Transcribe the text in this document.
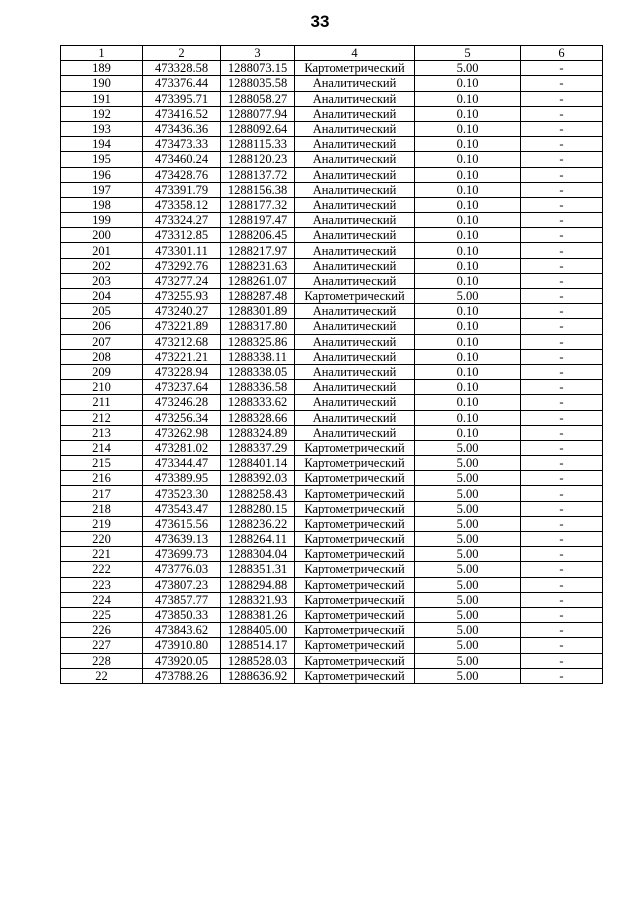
33
1	2	3	4	5	6
189	473328.58	1288073.15	Картометрический	5.00	-
190	473376.44	1288035.58	Аналитический	0.10	-
191	473395.71	1288058.27	Аналитический	0.10	-
192	473416.52	1288077.94	Аналитический	0.10	-
193	473436.36	1288092.64	Аналитический	0.10	-
194	473473.33	1288115.33	Аналитический	0.10	-
195	473460.24	1288120.23	Аналитический	0.10	-
196	473428.76	1288137.72	Аналитический	0.10	-
197	473391.79	1288156.38	Аналитический	0.10	-
198	473358.12	1288177.32	Аналитический	0.10	-
199	473324.27	1288197.47	Аналитический	0.10	-
200	473312.85	1288206.45	Аналитический	0.10	-
201	473301.11	1288217.97	Аналитический	0.10	-
202	473292.76	1288231.63	Аналитический	0.10	-
203	473277.24	1288261.07	Аналитический	0.10	-
204	473255.93	1288287.48	Картометрический	5.00	-
205	473240.27	1288301.89	Аналитический	0.10	-
206	473221.89	1288317.80	Аналитический	0.10	-
207	473212.68	1288325.86	Аналитический	0.10	-
208	473221.21	1288338.11	Аналитический	0.10	-
209	473228.94	1288338.05	Аналитический	0.10	-
210	473237.64	1288336.58	Аналитический	0.10	-
211	473246.28	1288333.62	Аналитический	0.10	-
212	473256.34	1288328.66	Аналитический	0.10	-
213	473262.98	1288324.89	Аналитический	0.10	-
214	473281.02	1288337.29	Картометрический	5.00	-
215	473344.47	1288401.14	Картометрический	5.00	-
216	473389.95	1288392.03	Картометрический	5.00	-
217	473523.30	1288258.43	Картометрический	5.00	-
218	473543.47	1288280.15	Картометрический	5.00	-
219	473615.56	1288236.22	Картометрический	5.00	-
220	473639.13	1288264.11	Картометрический	5.00	-
221	473699.73	1288304.04	Картометрический	5.00	-
222	473776.03	1288351.31	Картометрический	5.00	-
223	473807.23	1288294.88	Картометрический	5.00	-
224	473857.77	1288321.93	Картометрический	5.00	-
225	473850.33	1288381.26	Картометрический	5.00	-
226	473843.62	1288405.00	Картометрический	5.00	-
227	473910.80	1288514.17	Картометрический	5.00	-
228	473920.05	1288528.03	Картометрический	5.00	-
22	473788.26	1288636.92	Картометрический	5.00	-
